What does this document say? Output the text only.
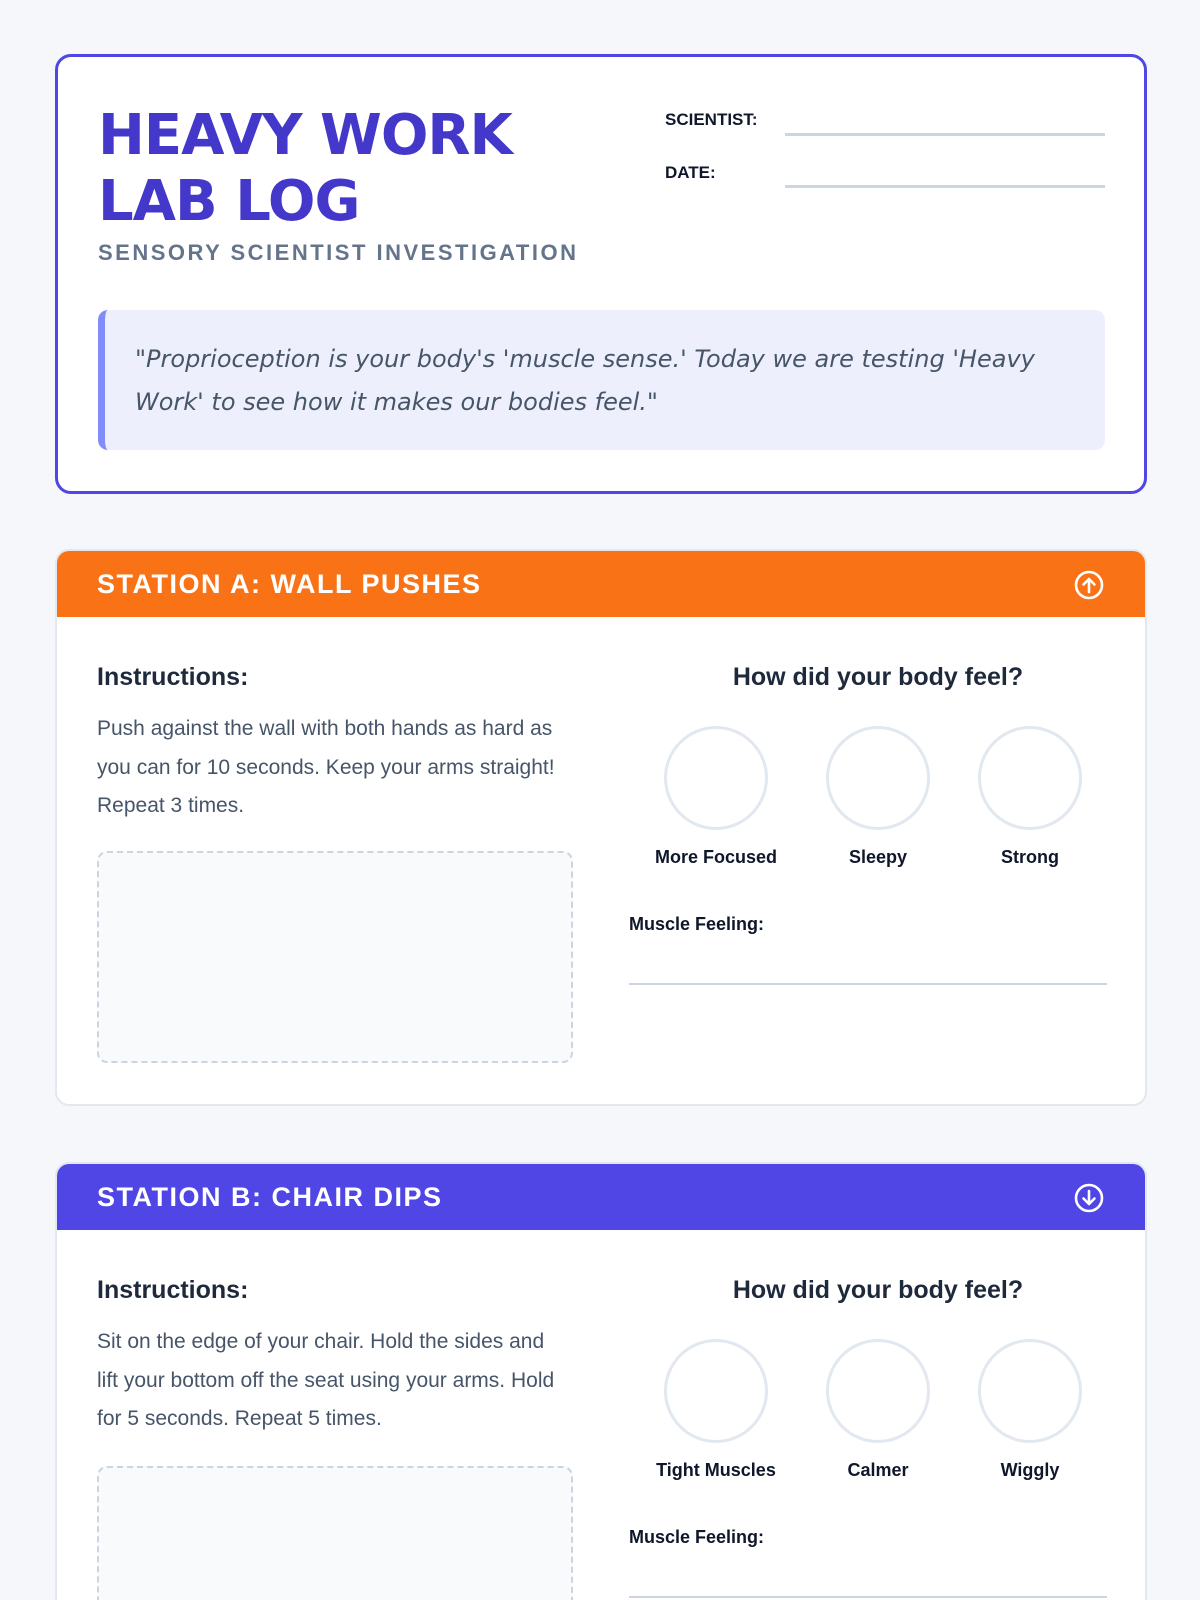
HEAVY WORK
LAB LOG
SENSORY SCIENTIST INVESTIGATION
SCIENTIST:
DATE:
"Proprioception is your body's 'muscle sense.' Today we are testing 'Heavy Work' to see how it makes our bodies feel."
STATION A: WALL PUSHES
Instructions:
Push against the wall with both hands as hard as you can for 10 seconds. Keep your arms straight! Repeat 3 times.
How did your body feel?
More Focused	Sleepy	Strong
Muscle Feeling:
STATION B: CHAIR DIPS
Instructions:
Sit on the edge of your chair. Hold the sides and lift your bottom off the seat using your arms. Hold for 5 seconds. Repeat 5 times.
How did your body feel?
Tight Muscles	Calmer	Wiggly
Muscle Feeling:
